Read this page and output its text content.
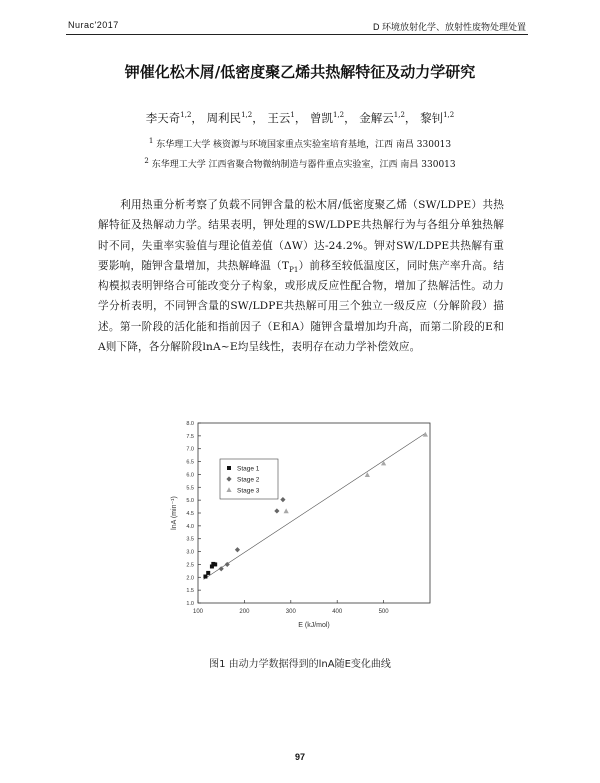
Nurac'2017	D 环境放射化学、放射性废物处理处置
钾催化松木屑/低密度聚乙烯共热解特征及动力学研究
李天奇$^{1,2}$， 周利民$^{1,2}$， 王云$^1$， 曾凯$^{1,2}$， 金解云$^{1,2}$， 黎钊$^{1,2}$
$^1$ 东华理工大学 核资源与环境国家重点实验室培育基地，江西 南昌 330013
$^2$ 东华理工大学 江西省聚合物微纳制造与器件重点实验室，江西 南昌 330013

利用热重分析考察了负载不同钾含量的松木屑/低密度聚乙烯（SW/LDPE）共热解特征及热解动力学。结果表明，钾处理的SW/LDPE共热解行为与各组分单独热解时不同，失重率实验值与理论值差值（ΔW）达-24.2%。钾对SW/LDPE共热解有重要影响，随钾含量增加，共热解峰温$(T_{P1})$前移至较低温度区，同时焦产率升高。结构模拟表明钾络合可能改变分子构象，或形成反应性配合物，增加了热解活性。动力学分析表明，不同钾含量的SW/LDPE共热解可用三个独立一级反应（分解阶段）描述。第一阶段的活化能和指前因子（E和A）随钾含量增加均升高，而第二阶段的E和A则下降，各分解阶段lnA~E均呈线性，表明存在动力学补偿效应。

100	200	300	400	500
1.0
1.5
2.0
2.5
3.0
3.5
4.0
4.5
5.0
5.5
6.0
6.5
7.0
7.5
8.0
E (kJ/mol)
lnA (min⁻¹)
Stage 1
Stage 2
Stage 3
图1 由动力学数据得到的lnA随E变化曲线
97
